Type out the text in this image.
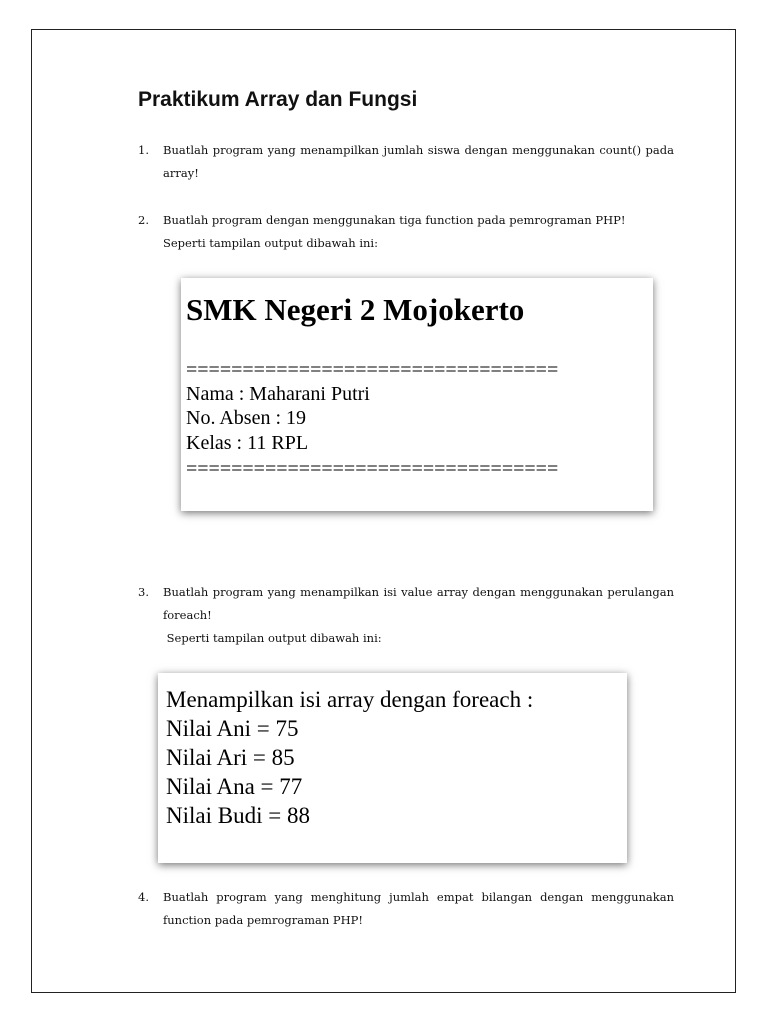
Praktikum Array dan Fungsi
1. Buatlah program yang menampilkan jumlah siswa dengan menggunakan count() pada array!

2. Buatlah program dengan menggunakan tiga function pada pemrograman PHP!

Seperti tampilan output dibawah ini:

SMK Negeri 2 Mojokerto
=================================
Nama : Maharani Putri
No. Absen : 19
Kelas : 11 RPL
=================================
3. Buatlah program yang menampilkan isi value array dengan menggunakan perulangan foreach!

Seperti tampilan output dibawah ini:

Menampilkan isi array dengan foreach :
Nilai Ani = 75
Nilai Ari = 85
Nilai Ana = 77
Nilai Budi = 88
4. Buatlah program yang menghitung jumlah empat bilangan dengan menggunakan function pada pemrograman PHP!
